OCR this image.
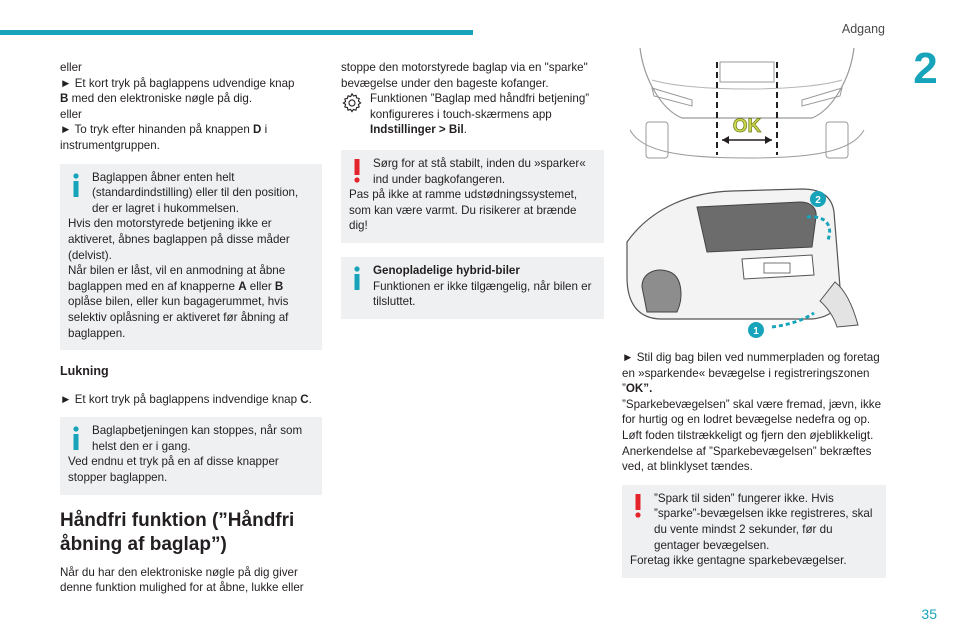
Adgang
2
35

eller
► Et kort tryk på baglappens udvendige knap
B med den elektroniske nøgle på dig.
eller
► To tryk efter hinanden på knappen D i instrumentgruppen.

Baglappen åbner enten helt (standardindstilling) eller til den position, der er lagret i hukommelsen.

Hvis den motorstyrede betjening ikke er aktiveret, åbnes baglappen på disse måder (delvist).

Når bilen er låst, vil en anmodning at åbne baglappen med en af knapperne A eller B oplåse bilen, eller kun bagagerummet, hvis selektiv oplåsning er aktiveret før åbning af baglappen.

Lukning

► Et kort tryk på baglappens indvendige knap C.

Baglapbetjeningen kan stoppes, når som helst den er i gang.

Ved endnu et tryk på en af disse knapper stopper baglappen.

Håndfri funktion (”Håndfri åbning af baglap”)

Når du har den elektroniske nøgle på dig giver denne funktion mulighed for at åbne, lukke eller

stoppe den motorstyrede baglap via en "sparke" bevægelse under den bageste kofanger.

Funktionen ”Baglap med håndfri betjening” konfigureres i touch-skærmens app Indstillinger > Bil.

Sørg for at stå stabilt, inden du »sparker« ind under bagkofangeren.

Pas på ikke at ramme udstødningssystemet, som kan være varmt. Du risikerer at brænde dig!

Genopladelige hybrid-biler

Funktionen er ikke tilgængelig, når bilen er tilsluttet.

OK
2
1

► Stil dig bag bilen ved nummerpladen og foretag en »sparkende« bevægelse i registreringszonen ”OK”.

”Sparkebevægelsen” skal være fremad, jævn, ikke for hurtig og en lodret bevægelse nedefra og op. Løft foden tilstrækkeligt og fjern den øjeblikkeligt.

Anerkendelse af ”Sparkebevægelsen” bekræftes ved, at blinklyset tændes.

”Spark til siden” fungerer ikke. Hvis ”sparke”-bevægelsen ikke registreres, skal du vente mindst 2 sekunder, før du gentager bevægelsen.

Foretag ikke gentagne sparkebevægelser.
